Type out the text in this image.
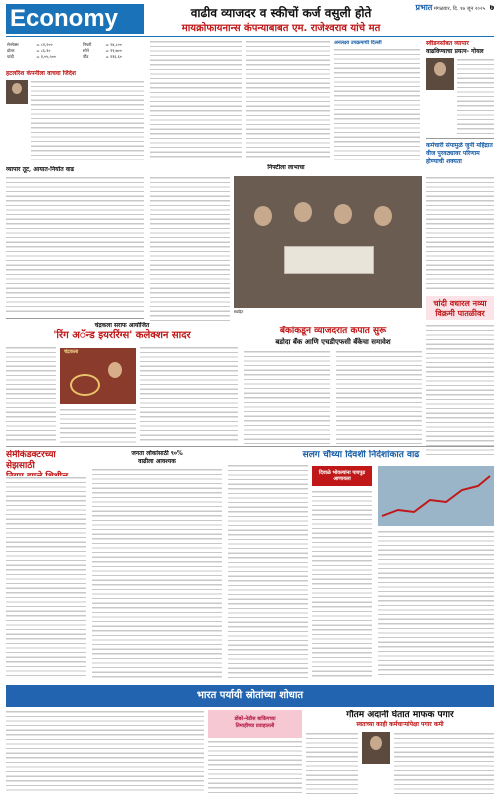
Economy	प्रभात मंगळवार, दि. १७ जून २०२५ ७
वाढीव व्याजदर व स्कीचों कर्ज वसुली होते
मायक्रोफायनान्स कंपन्याबाबत एम. राजेश्वराव यांचे मत
सेन्सेक्स	= ८१,२००	निफ्टी	= २४,८००
डॉलर	= ८६.१०	सोने	= ९९,७००
चांदी	= १,०५,५००	पौंड	= ११६.६०
हटलरिश कंपनीला वाचवा जिंदेश
व्यापार तूट, आयात-निर्यात वाढ
चंद्रकला सराफ आयोजित
'रिंग अॅन्ड इयररिंग्स' कलेक्शन सादर
चंद्रकला
सेमीकंडक्टरच्या सेझसाठी
अनलक्ष्य उपक्रमाची दिल्ली
निफ्टीला लाभाचा
संग्रहित
स्वीडनसोबत व्यापार
वाढविण्याचा प्रयत्न- गोयल
कर्मचारी संपामुळे जुनी महिंद्रात वीज पुरवठ्यावर परिणाम होण्याची शक्यता
चांदी वधारल नव्या विक्रमी पातळीवर
बँकांकडून व्याजदरात कपात सुरू
बडोदा बँक आणि एचडीएफसी बँकेचा समावेश
जनता लोकांसाठी ९०%
वाढीला आवश्यक
सलग चौथ्या दिवशी निर्देशांकात वाढ
दिवाळे भोवल्यांना पायपुढ आणायला
भारत पर्यायी स्रोतांच्या शोधात
डोंबरे-नेडीस बाकिंगच्या
तिमाहीच्या प्रवाहातली
गौतम अदानी घेतात माफक पगार
स्वतःच्या काही कर्मचाऱ्यांपेक्षा पगार कमी
